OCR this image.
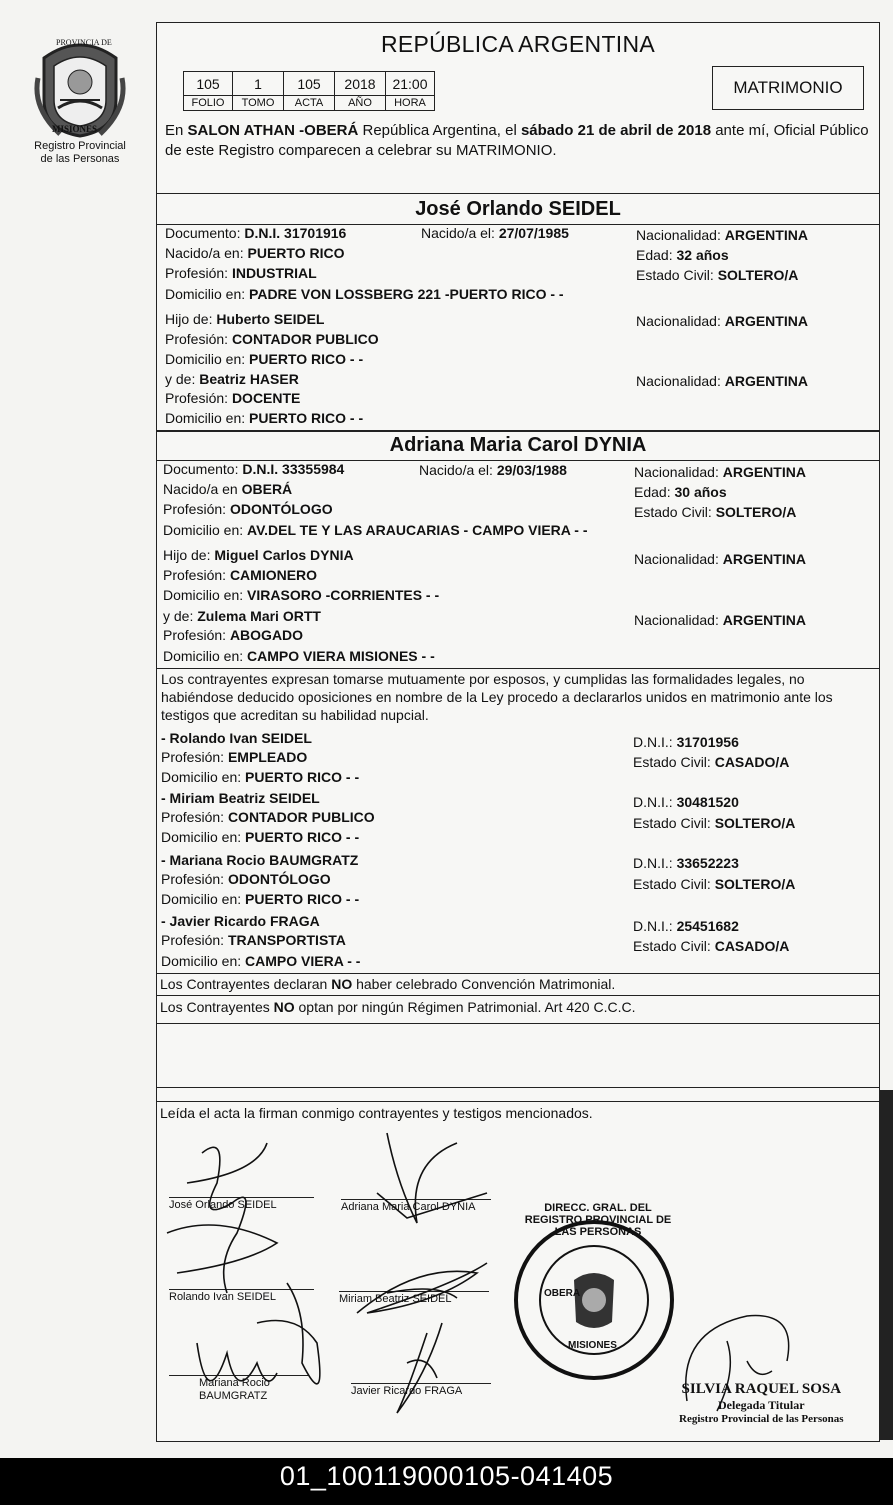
PROVINCIA DE
MISIONES
Registro Provincial
de las Personas
REPÚBLICA ARGENTINA
105	1	105	2018	21:00
FOLIO	TOMO	ACTA	AÑO	HORA
MATRIMONIO
En SALON ATHAN -OBERÁ República Argentina, el sábado 21 de abril de 2018 ante mí, Oficial Público de este Registro comparecen a celebrar su MATRIMONIO.
José Orlando SEIDEL
Documento: D.N.I. 31701916	Nacido/a el: 27/07/1985	Nacionalidad: ARGENTINA
Nacido/a en: PUERTO RICO	Edad: 32 años
Profesión: INDUSTRIAL	Estado Civil: SOLTERO/A
Domicilio en: PADRE VON LOSSBERG 221 -PUERTO RICO - -
Hijo de: Huberto SEIDEL	Nacionalidad: ARGENTINA
Profesión: CONTADOR PUBLICO
Domicilio en: PUERTO RICO - -
y de: Beatriz HASER	Nacionalidad: ARGENTINA
Profesión: DOCENTE
Domicilio en: PUERTO RICO - -
Adriana Maria Carol DYNIA
Documento: D.N.I. 33355984	Nacido/a el: 29/03/1988	Nacionalidad: ARGENTINA
Nacido/a en OBERÁ	Edad: 30 años
Profesión: ODONTÓLOGO	Estado Civil: SOLTERO/A
Domicilio en: AV.DEL TE Y LAS ARAUCARIAS - CAMPO VIERA - -
Hijo de: Miguel Carlos DYNIA	Nacionalidad: ARGENTINA
Profesión: CAMIONERO
Domicilio en: VIRASORO -CORRIENTES - -
y de: Zulema Mari ORTT	Nacionalidad: ARGENTINA
Profesión: ABOGADO
Domicilio en: CAMPO VIERA MISIONES - -
Los contrayentes expresan tomarse mutuamente por esposos, y cumplidas las formalidades legales, no habiéndose deducido oposiciones en nombre de la Ley procedo a declararlos unidos en matrimonio ante los testigos que acreditan su habilidad nupcial.
- Rolando Ivan SEIDEL	D.N.I.: 31701956
Profesión: EMPLEADO	Estado Civil: CASADO/A
Domicilio en: PUERTO RICO - -
- Miriam Beatriz SEIDEL	D.N.I.: 30481520
Profesión: CONTADOR PUBLICO	Estado Civil: SOLTERO/A
Domicilio en: PUERTO RICO - -
- Mariana Rocio BAUMGRATZ	D.N.I.: 33652223
Profesión: ODONTÓLOGO	Estado Civil: SOLTERO/A
Domicilio en: PUERTO RICO - -
- Javier Ricardo FRAGA	D.N.I.: 25451682
Profesión: TRANSPORTISTA	Estado Civil: CASADO/A
Domicilio en: CAMPO VIERA - -
Los Contrayentes declaran NO haber celebrado Convención Matrimonial.
Los Contrayentes NO optan por ningún Régimen Patrimonial. Art 420 C.C.C.
Leída el acta la firman conmigo contrayentes y testigos mencionados.
José Orlando SEIDEL	Adriana Maria Carol DYNIA
Rolando Ivan SEIDEL	Miriam Beatriz SEIDEL
Mariana Rocio
BAUMGRATZ	Javier Ricardo FRAGA
DIRECC. GRAL. DEL REGISTRO PROVINCIAL DE LAS PERSONAS
OBERA
MISIONES
SILVIA RAQUEL SOSA
Delegada Titular
Registro Provincial de las Personas
01_100119000105-041405
